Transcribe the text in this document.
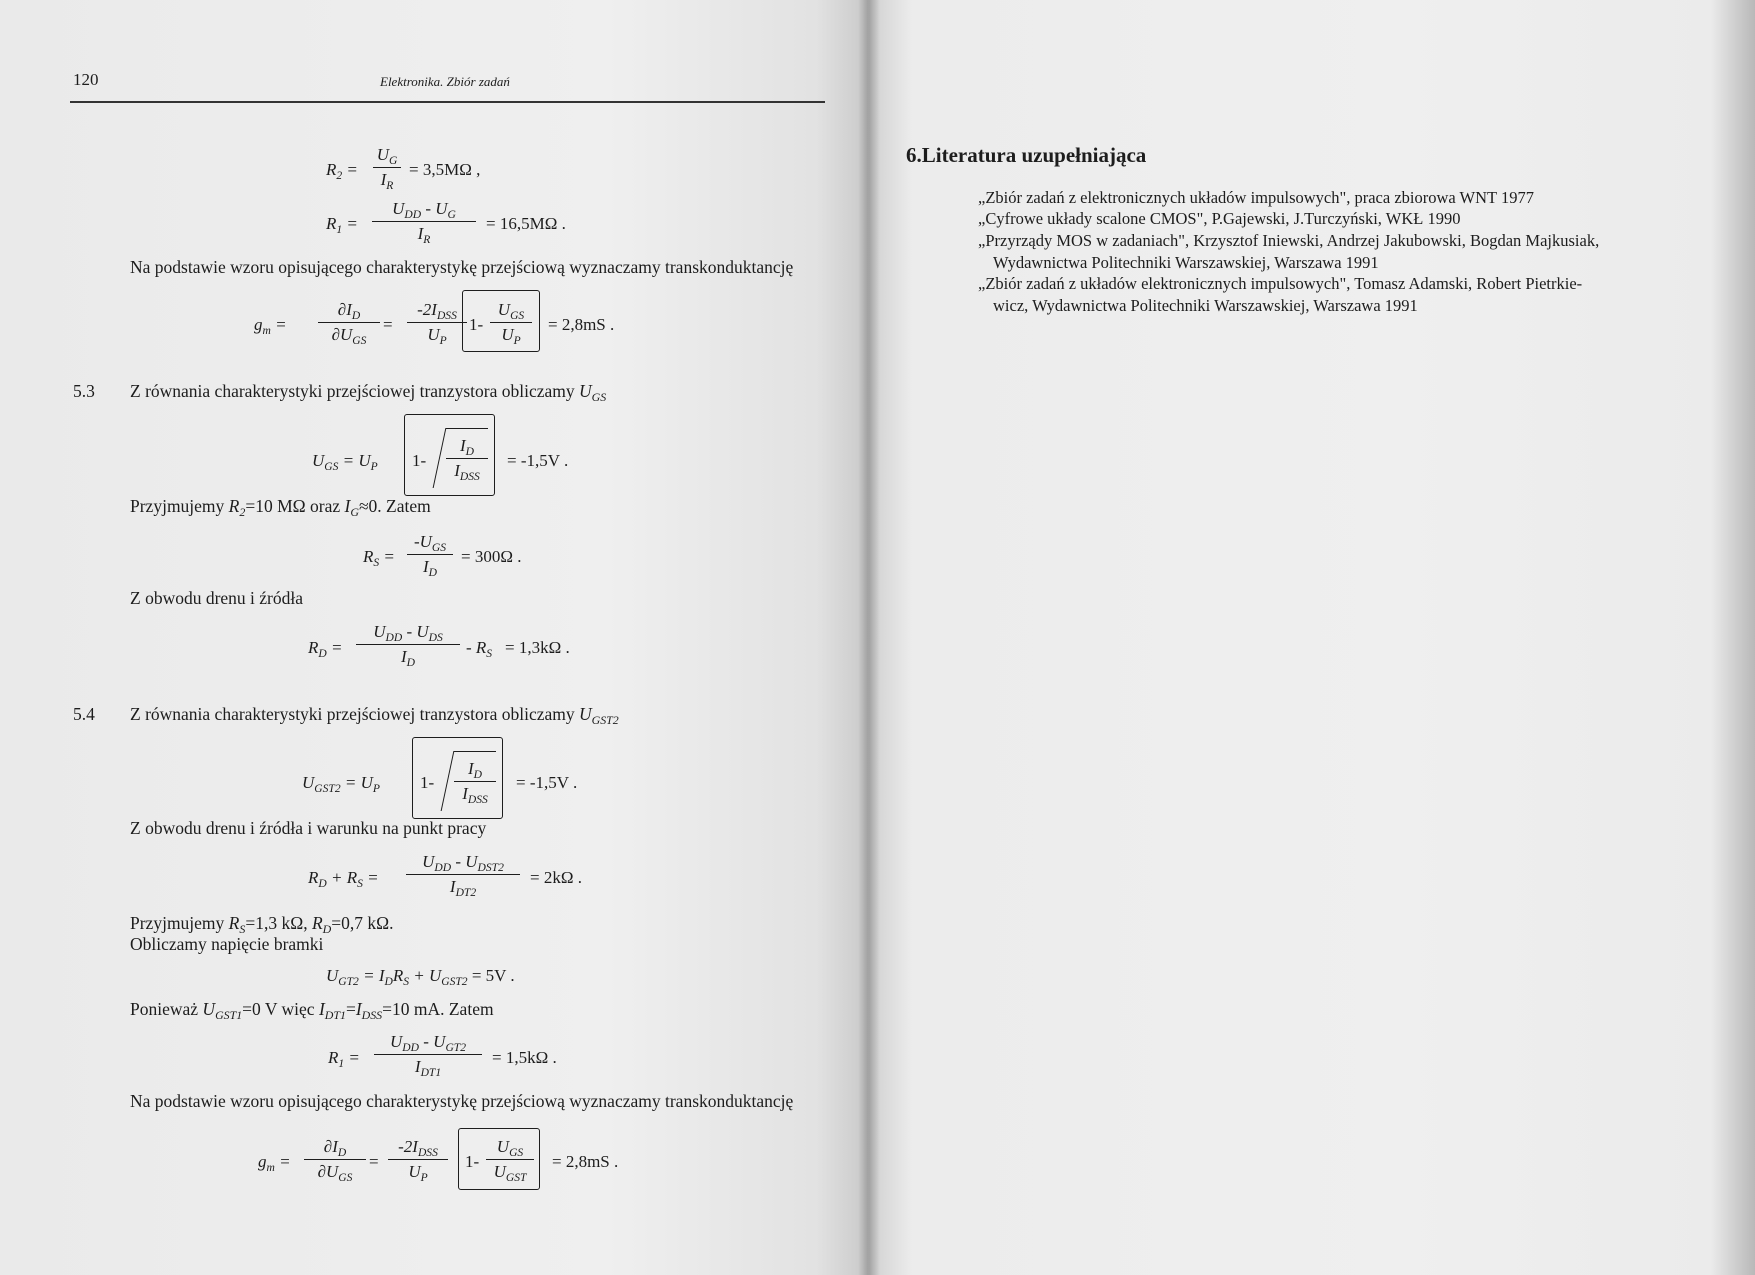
120	Elektronika. Zbiór zadań
$R_2 = \frac{U_G}{I_R} = 3,5M\Omega$ ,
$R_1$ =
$U_{DD} - U_G$
$I_R$
= 16,5MΩ .
Na podstawie wzoru opisującego charakterystykę przejściową wyznaczamy transkonduktancję
$g_m$ =
$\partial I_D$
$\partial U_{GS}$
=
$-2I_{DSS}$
$U_P$
1-
$U_{GS}$
$U_P$
= 2,8mS .
5.3 Z równania charakterystyki przejściowej tranzystora obliczamy $U_{GS}$
$U_{GS} = U_P$ 1-
$I_D$
$I_{DSS}$
= -1,5V .
Przyjmujemy $R_2=10$ MΩ oraz $I_G\approx 0$. Zatem
$R_S$ =
$-U_{GS}$
$I_D$
= 300Ω .
Z obwodu drenu i źródła
$R_D$ =
$U_{DD} - U_{DS}$
$I_D$
- $R_S = 1,3k\Omega$ .
5.4 Z równania charakterystyki przejściowej tranzystora obliczamy $U_{GST2}$
$U_{GST2} = U_P$ 1-
$I_D$
$I_{DSS}$
= -1,5V .
Z obwodu drenu i źródła i warunku na punkt pracy
$R_D + R_S$ =
$U_{DD} - U_{DST2}$
$I_{DT2}$
= 2kΩ .
Przyjmujemy $R_S=1,3$ kΩ, $R_D=0,7$ kΩ.
Obliczamy napięcie bramki
$U_{GT2} = I_DR_S + U_{GST2} = 5V$ .
Ponieważ $U_{GST1}=0$ V więc $I_{DT1}=I_{DSS}=10$ mA. Zatem
$R_1$ =
$U_{DD} - U_{GT2}$
$I_{DT1}$
= 1,5kΩ .
Na podstawie wzoru opisującego charakterystykę przejściową wyznaczamy transkonduktancję
$g_m$ =
$\partial I_D$
$\partial U_{GS}$
=
$-2I_{DSS}$
$U_P$
1-
$U_{GS}$
$U_{GST}$
= 2,8mS .
6.Literatura uzupełniająca
„Zbiór zadań z elektronicznych układów impulsowych", praca zbiorowa WNT 1977
„Cyfrowe układy scalone CMOS", P.Gajewski, J.Turczyński, WKŁ 1990
„Przyrządy MOS w zadaniach", Krzysztof Iniewski, Andrzej Jakubowski, Bogdan Majkusiak,
Wydawnictwa Politechniki Warszawskiej, Warszawa 1991
„Zbiór zadań z układów elektronicznych impulsowych", Tomasz Adamski, Robert Pietrkie-
wicz, Wydawnictwa Politechniki Warszawskiej, Warszawa 1991
